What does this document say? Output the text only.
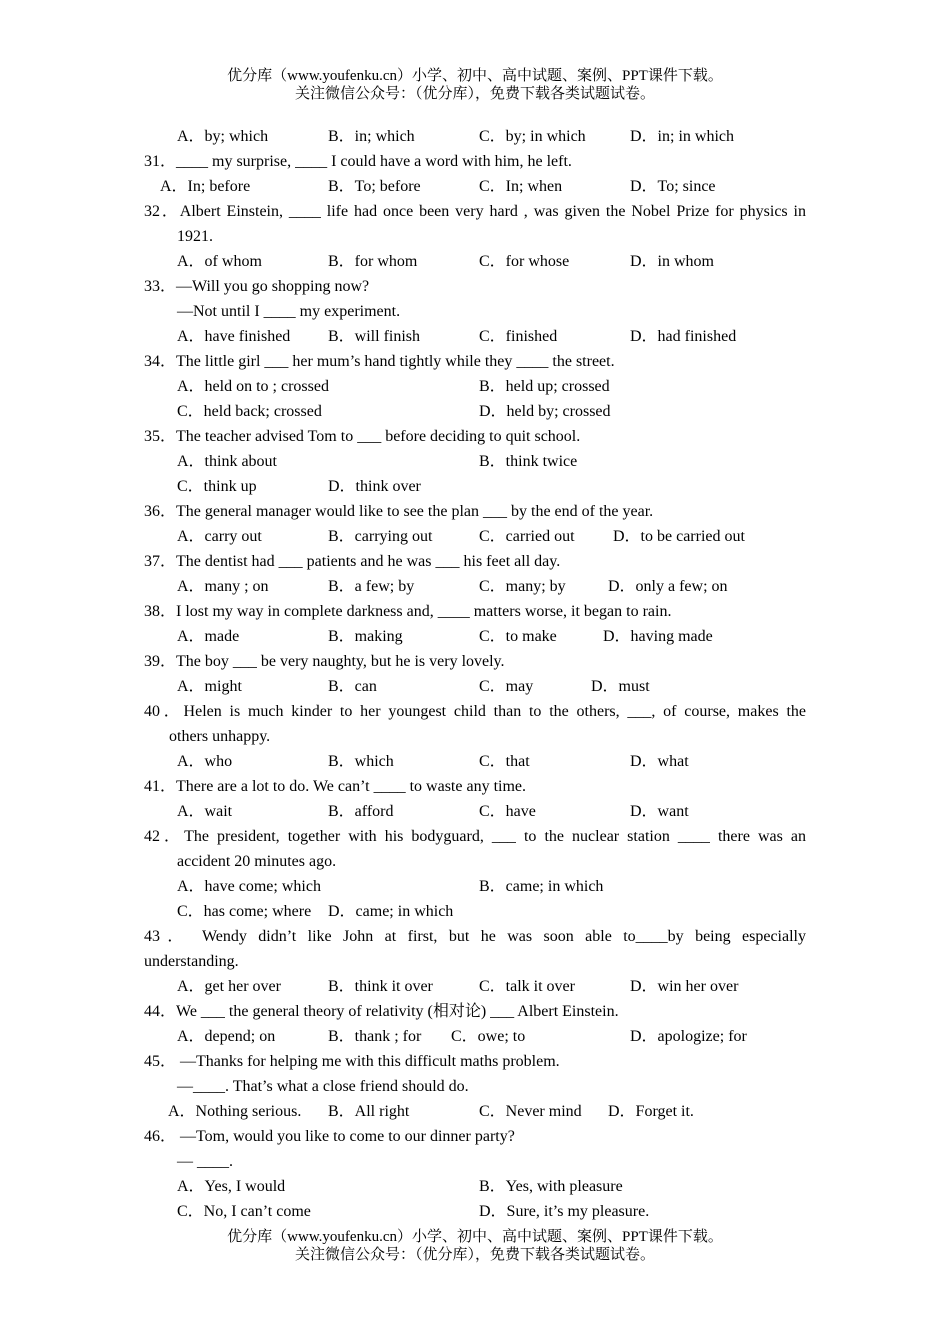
优分库（www.youfenku.cn）小学、初中、高中试题、案例、PPT课件下载。
关注微信公众号：（优分库），免费下载各类试题试卷。
A．by; which	B．in; which	C．by; in which	D．in; in which
31．____ my surprise, ____ I could have a word with him, he left.
A．In; before	B．To; before	C．In; when	D．To; since
32．Albert Einstein, ____ life had once been very hard , was given the Nobel Prize for physics in
1921.
A．of whom	B．for whom	C．for whose	D．in whom
33．—Will you go shopping now?
—Not until I ____ my experiment.
A．have finished B．will finish	C．finished	D．had finished
34．The little girl ___ her mum’s hand tightly while they ____ the street.
A．held on to ; crossed	B．held up; crossed
C．held back; crossed	D．held by; crossed
35．The teacher advised Tom to ___ before deciding to quit school.
A．think about	B．think twice
C．think up	D．think over
36．The general manager would like to see the plan ___ by the end of the year.
A．carry out	B．carrying out	C．carried out D．to be carried out
37．The dentist had ___ patients and he was ___ his feet all day.
A．many ; on	B．a few; by	C．many; by	D．only a few; on
38．I lost my way in complete darkness and, ____ matters worse, it began to rain.
A．made	B．making	C．to make	D．having made
39．The boy ___ be very naughty, but he is very lovely.
A．might	B．can	C．may	D．must
40．Helen is much kinder to her youngest child than to the others, ___, of course, makes the
others unhappy.
A．who	B．which	C．that	D．what
41．There are a lot to do. We can’t ____ to waste any time.
A．wait	B．afford	C．have	D．want
42．The president, together with his bodyguard, ___ to the nuclear station ____ there was an
accident 20 minutes ago.
A．have come; which	B．came; in which
C．has come; where D．came; in which
43． Wendy didn’t like John at first, but he was soon able to____by being especially
understanding.
A．get her over	B．think it over	C．talk it over	D．win her over
44．We ___ the general theory of relativity (相对论) ___ Albert Einstein.
A．depend; on	B．thank ; for C．owe; to	D．apologize; for
45． —Thanks for helping me with this difficult maths problem.
—____. That’s what a close friend should do.
A．Nothing serious. B．All right	C．Never mind D．Forget it.
46． —Tom, would you like to come to our dinner party?
— ____.
A．Yes, I would	B．Yes, with pleasure
C．No, I can’t come	D．Sure, it’s my pleasure.
优分库（www.youfenku.cn）小学、初中、高中试题、案例、PPT课件下载。
关注微信公众号：（优分库），免费下载各类试题试卷。
